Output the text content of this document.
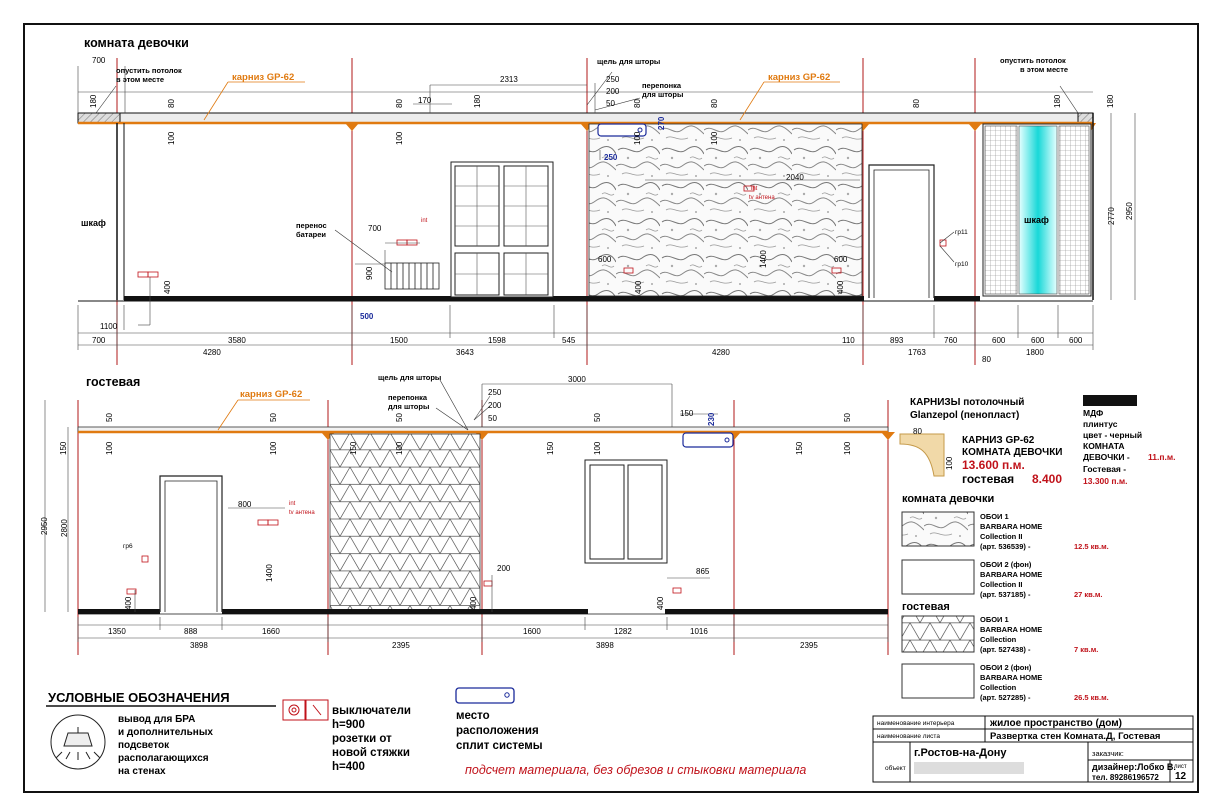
комната девочки
опустить потолок
в этом месте
опустить потолок
в этом месте
щель для шторы
перепонка
для шторы
карниз GP-62	карниз GP-62
шкаф	шкаф
перенос
батареи
int
int
tv антена
гр11
гр10
700
2313	250
200
50
170
2040
700
500
250
600	600
1100
700	3580	1500	1598	545	110	893	760	600	600	600
4280	3643	4280	1763	1800
80
180	80
100
80
100
180	80
100
270
80
100
80	180	180
900
1400
400	400	400
2770 2950
гостевая	щель для шторы
перепонка
для шторы
карниз GP-62
int
tv антена
гр6
3000
250
200
50
150
800
200	865
1350	888	1660	1600	1282	1016
3898	2395	3898	2395
150
50
100
50
100	150
50
100	150
50
100
230
150
50
100
2950 2800
1400
400	400	400
КАРНИЗЫ потолочный
Glanzepol (пенопласт)
80
100
КАРНИЗ GP-62
КОМНАТА ДЕВОЧКИ
13.600 п.м.
гостевая 8.400
МДФ
плинтус
цвет - черный
КОМНАТА
ДЕВОЧКИ - 11.п.м.
Гостевая -
13.300 п.м.
комната девочки
ОБОИ 1
BARBARA HOME
Collection II
(арт. 536539) -	12.5 кв.м.
ОБОИ 2 (фон)
BARBARA HOME
Collection II
(арт. 537185) -	27 кв.м.
гостевая
ОБОИ 1
BARBARA HOME
Collection
(арт. 527438) -	7 кв.м.
ОБОИ 2 (фон)
BARBARA HOME
Collection
(арт. 527285) -	26.5 кв.м.
УСЛОВНЫЕ ОБОЗНАЧЕНИЯ
вывод для БРА
и дополнительных
подсветок
располагающихся
на стенах
выключатели
h=900
розетки от
новой стяжки
h=400
место
расположения
сплит системы
подсчет материала, без обрезов и стыковки материала
наименование интерьера	жилое пространство (дом)
наименование листа	Развертка стен Комната.Д, Гостевая
объект
г.Ростов-на-Дону	заказчик:
дизайнер:Лобко В.
тел. 89286196572
лист
12
